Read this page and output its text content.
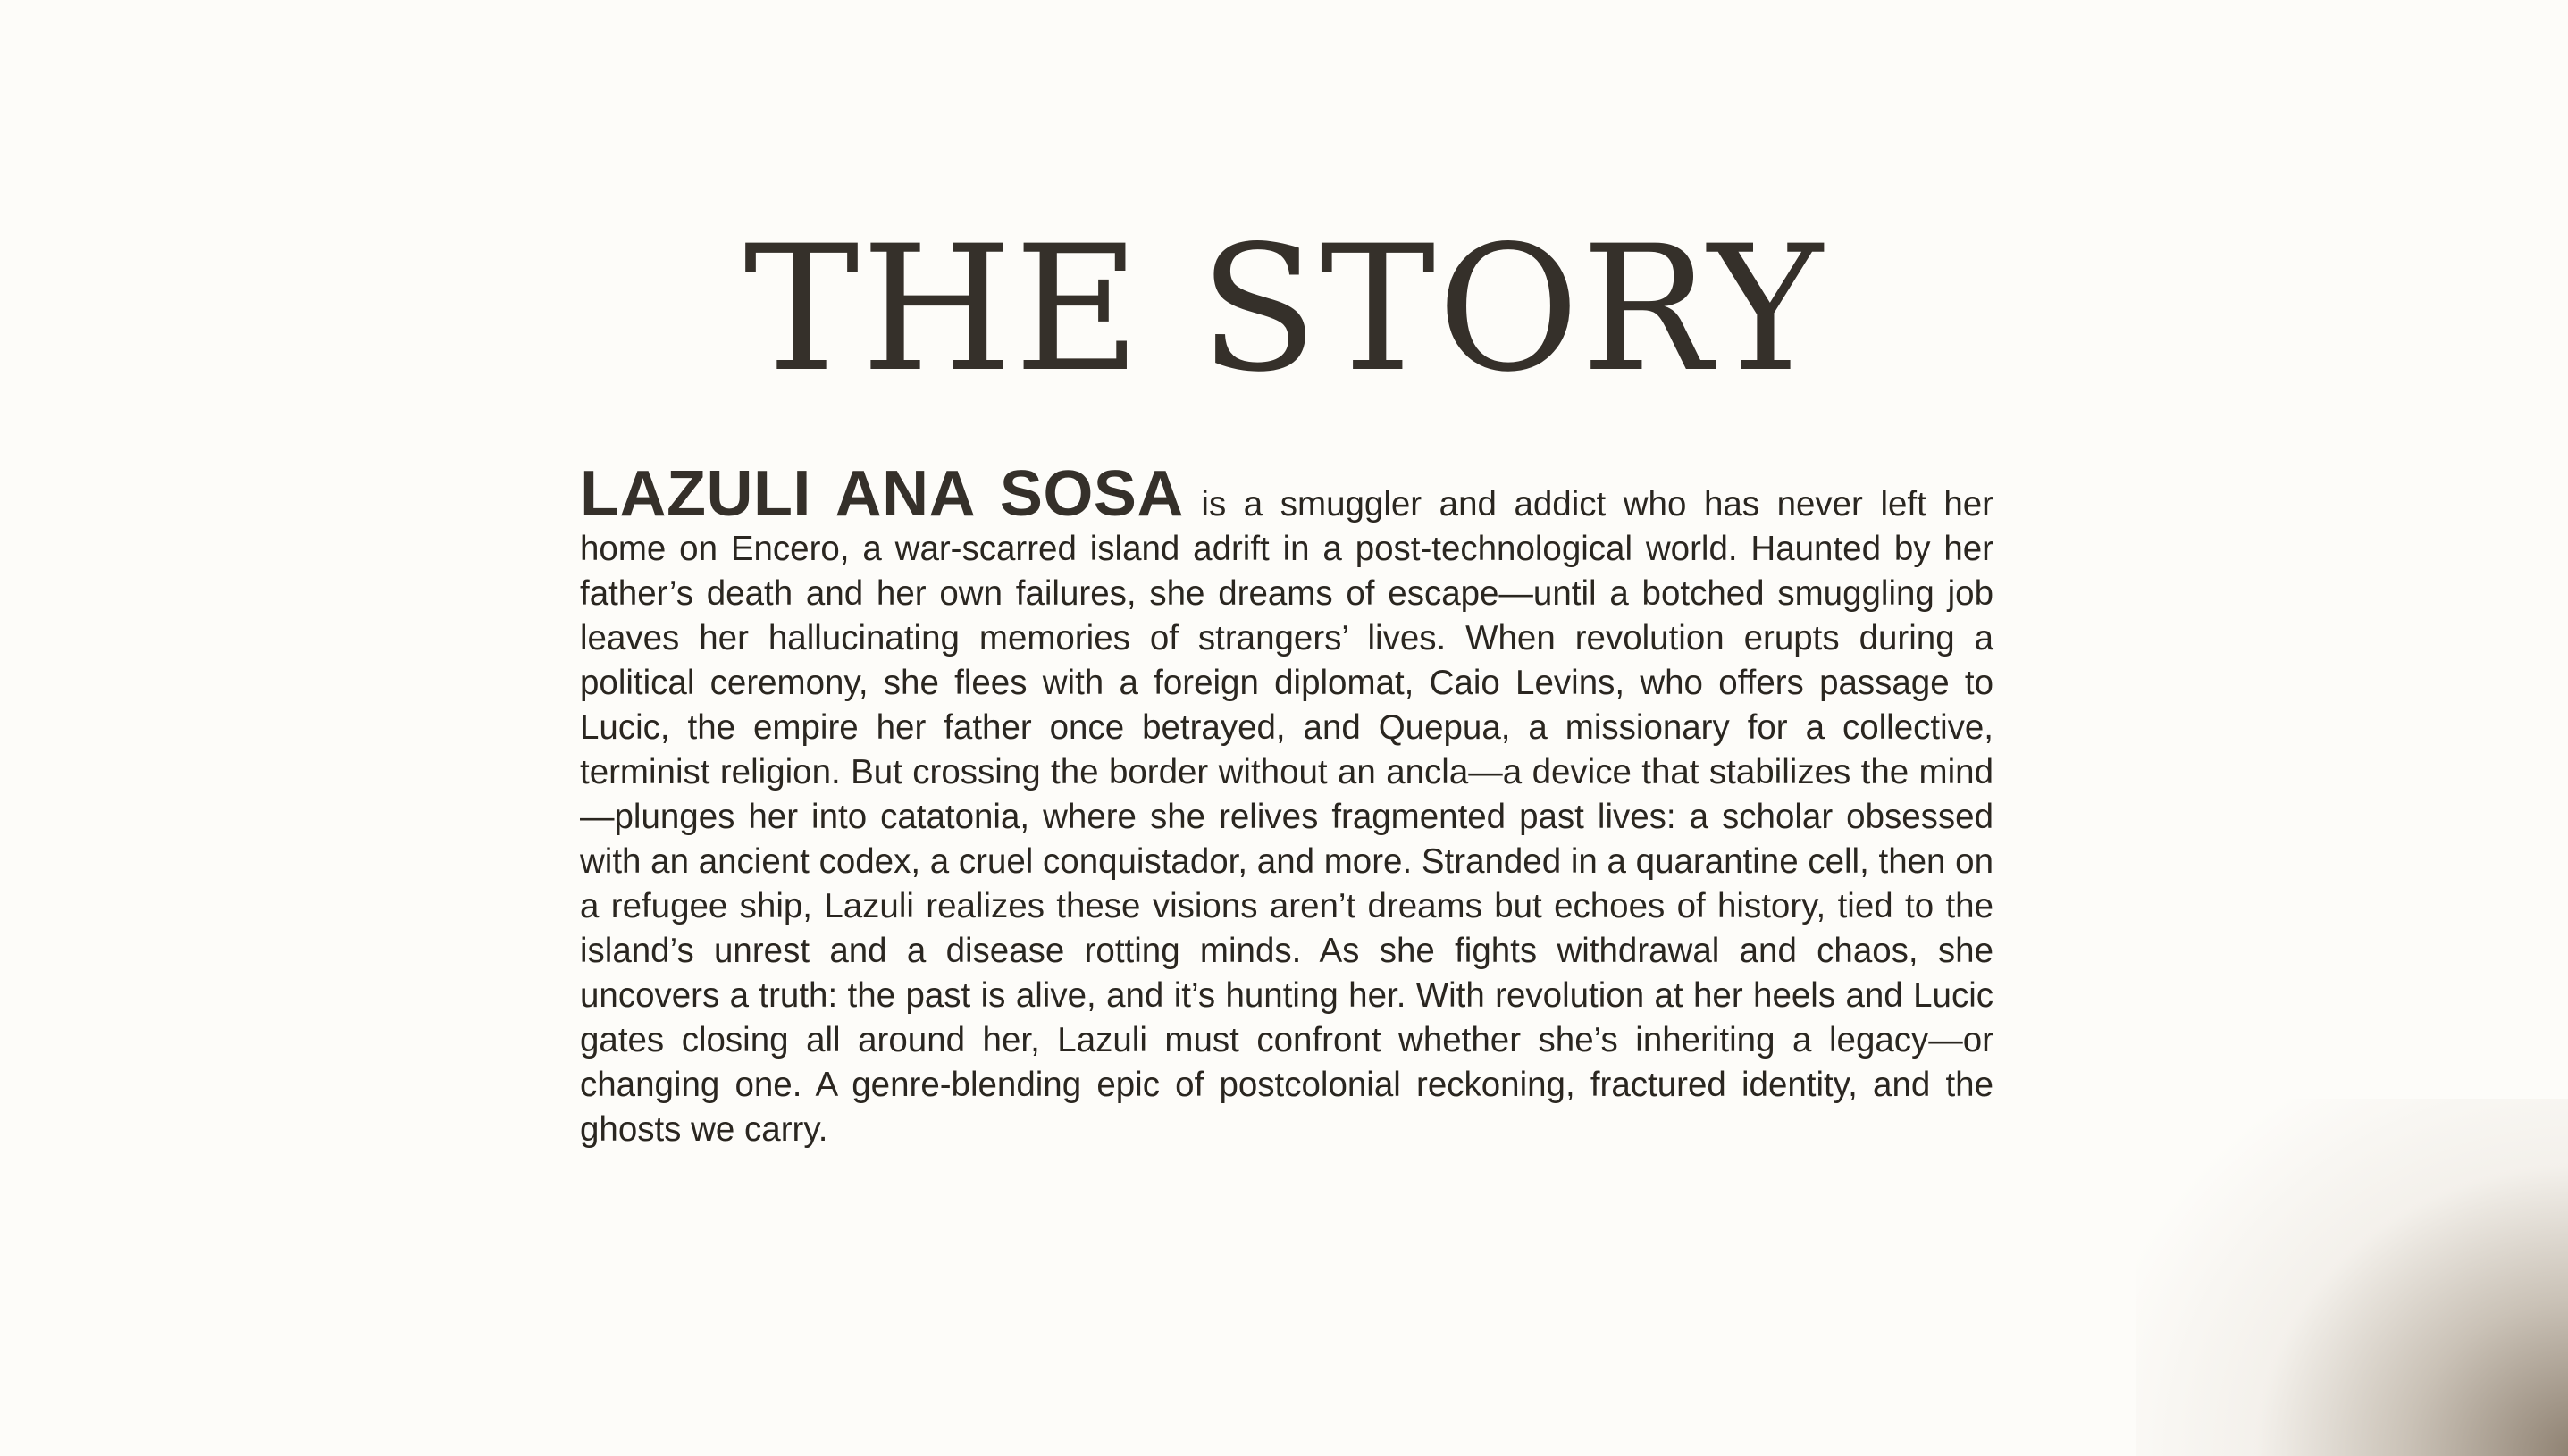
THE STORY

LAZULI ANA SOSA is a smuggler and addict who has never left her home on Encero, a war-scarred island adrift in a post-technological world. Haunted by her father’s death and her own failures, she dreams of escape—until a botched smuggling job leaves her hallucinating memories of strangers’ lives. When revolution erupts during a political ceremony, she flees with a foreign diplomat, Caio Levins, who offers passage to Lucic, the empire her father once betrayed, and Quepua, a missionary for a collective, terminist religion. But crossing the border without an ancla—a device that stabilizes the mind—plunges her into catatonia, where she relives fragmented past lives: a scholar obsessed with an ancient codex, a cruel conquistador, and more. Stranded in a quarantine cell, then on a refugee ship, Lazuli realizes these visions aren’t dreams but echoes of history, tied to the island’s unrest and a disease rotting minds. As she fights withdrawal and chaos, she uncovers a truth: the past is alive, and it’s hunting her. With revolution at her heels and Lucic gates closing all around her, Lazuli must confront whether she’s inheriting a legacy—or changing one. A genre-blending epic of postcolonial reckoning, fractured identity, and the ghosts we carry.
